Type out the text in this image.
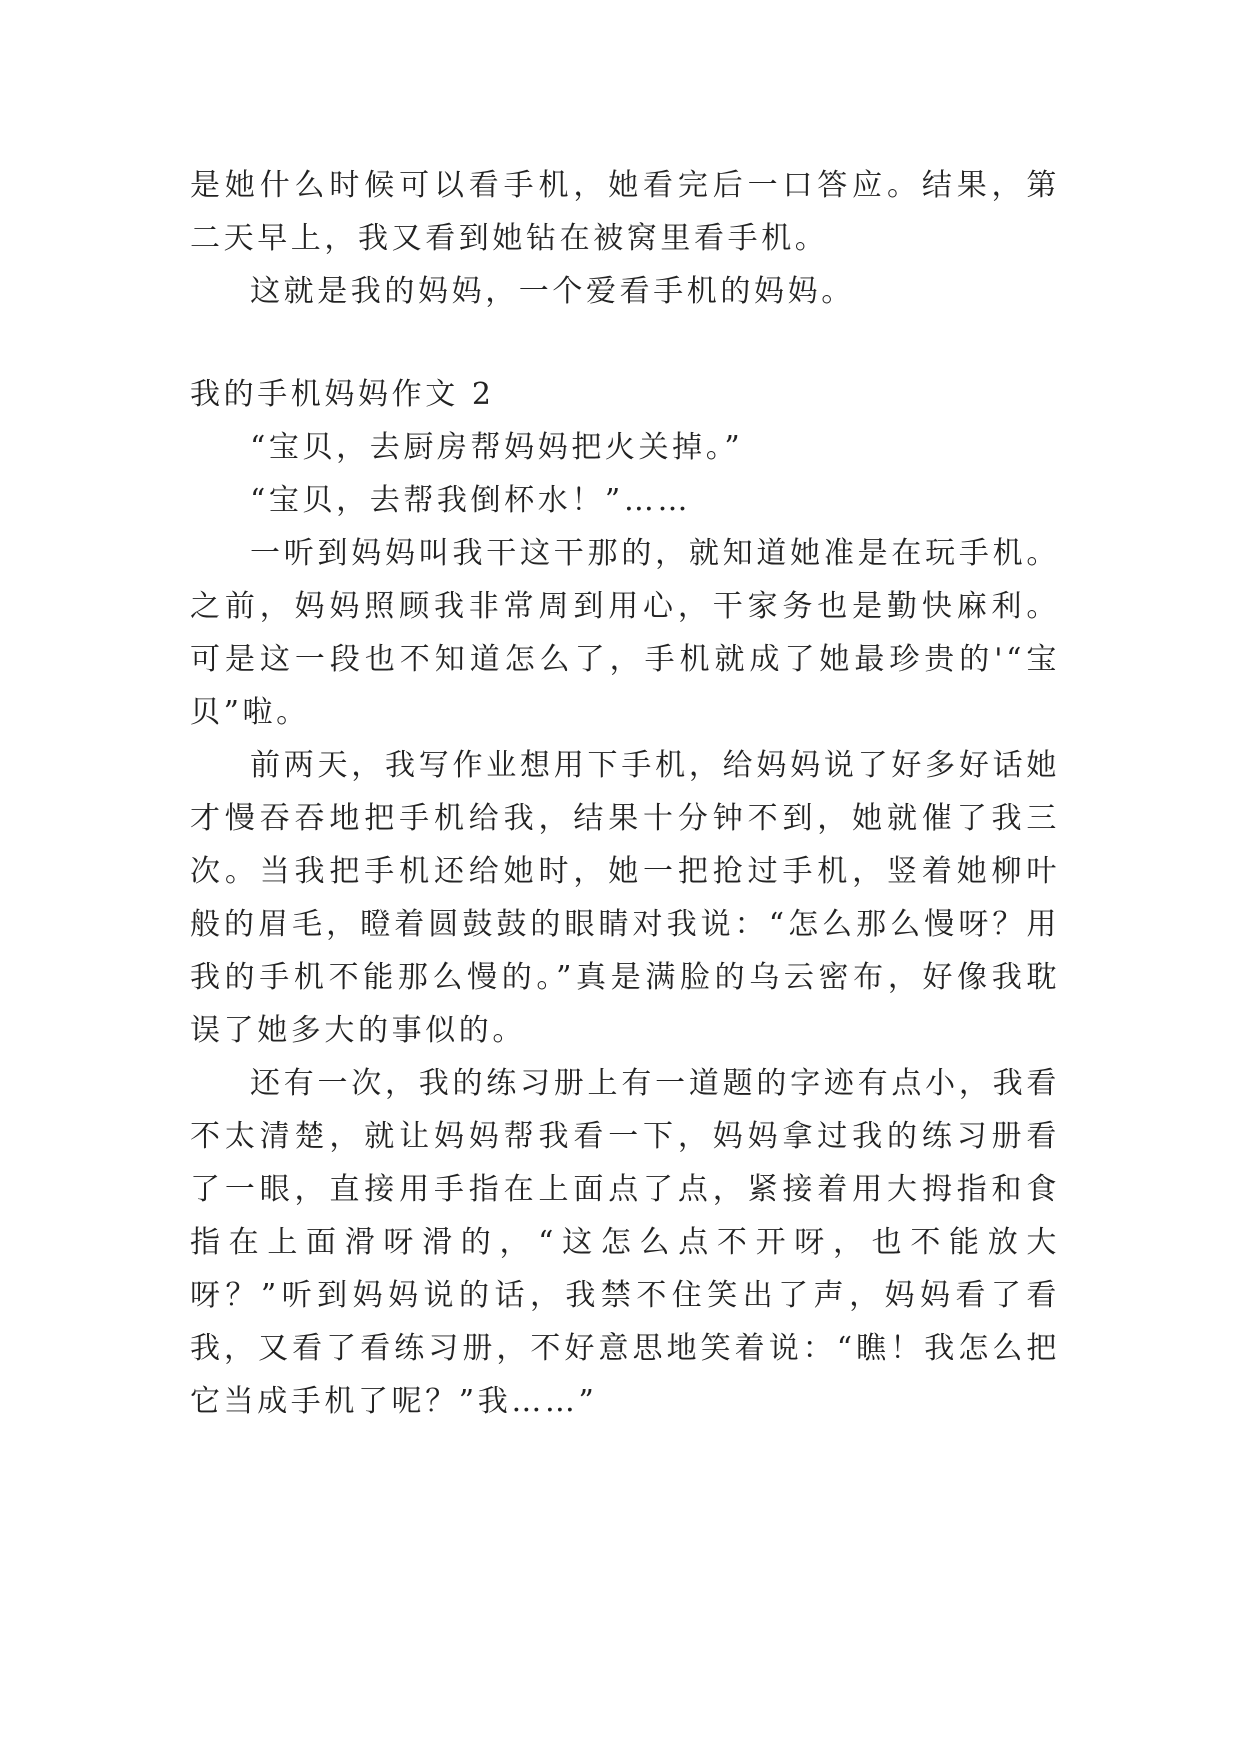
是她什么时候可以看手机，她看完后一口答应。结果，第二天早上，我又看到她钻在被窝里看手机。

这就是我的妈妈，一个爱看手机的妈妈。

我的手机妈妈作文 2

“宝贝，去厨房帮妈妈把火关掉。”

“宝贝，去帮我倒杯水！”……

一听到妈妈叫我干这干那的，就知道她准是在玩手机。之前，妈妈照顾我非常周到用心，干家务也是勤快麻利。可是这一段也不知道怎么了，手机就成了她最珍贵的'“宝贝”啦。

前两天，我写作业想用下手机，给妈妈说了好多好话她才慢吞吞地把手机给我，结果十分钟不到，她就催了我三次。当我把手机还给她时，她一把抢过手机，竖着她柳叶般的眉毛，瞪着圆鼓鼓的眼睛对我说：“怎么那么慢呀？用我的手机不能那么慢的。”真是满脸的乌云密布，好像我耽误了她多大的事似的。

还有一次，我的练习册上有一道题的字迹有点小，我看不太清楚，就让妈妈帮我看一下，妈妈拿过我的练习册看了一眼，直接用手指在上面点了点，紧接着用大拇指和食指在上面滑呀滑的，“这怎么点不开呀，也不能放大呀？”听到妈妈说的话，我禁不住笑出了声，妈妈看了看我，又看了看练习册，不好意思地笑着说：“瞧！我怎么把它当成手机了呢？”我……”
